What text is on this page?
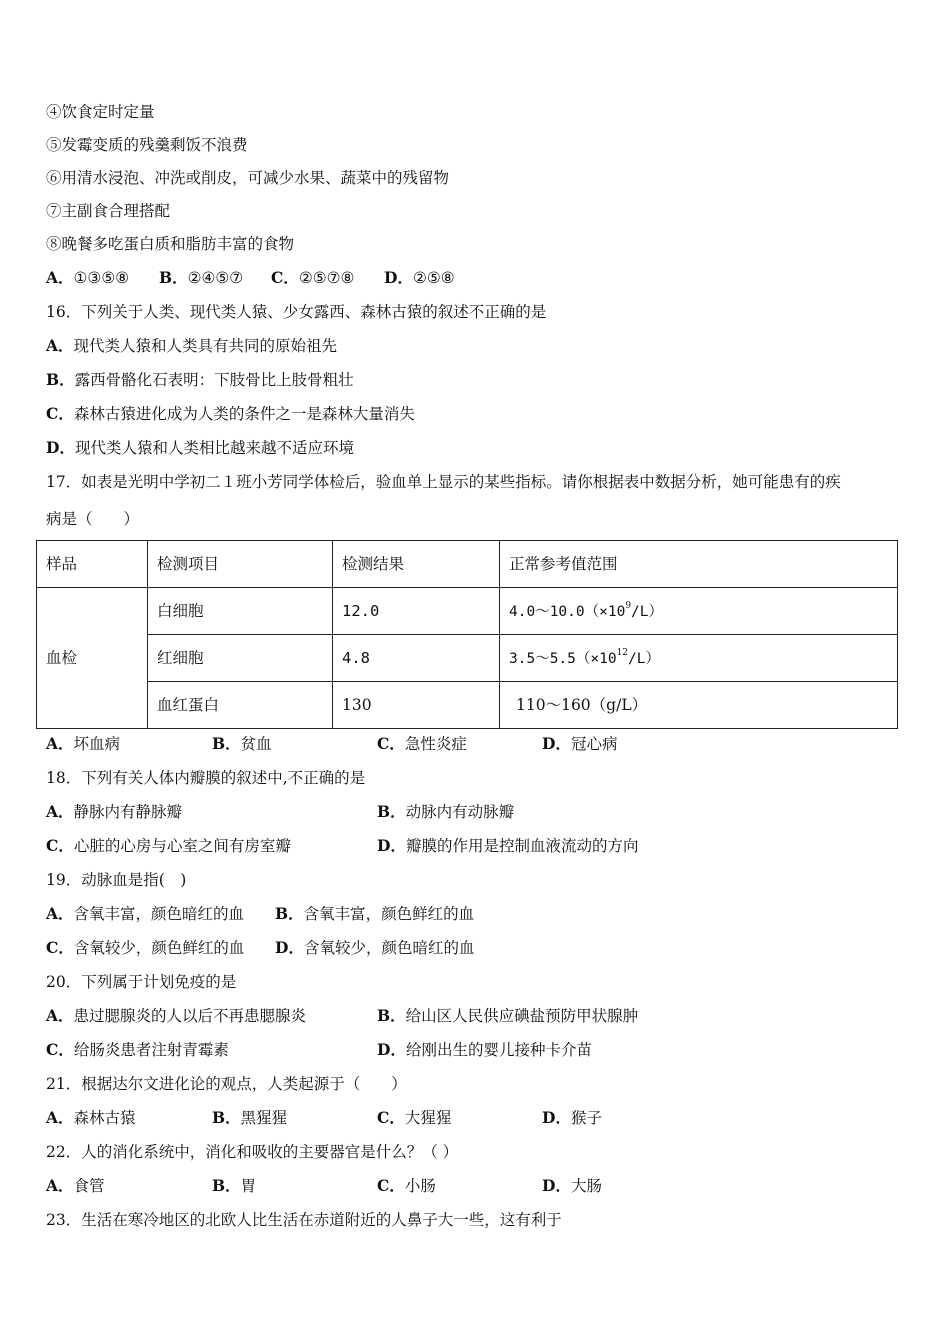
④饮食定时定量
⑤发霉变质的残羹剩饭不浪费
⑥用清水浸泡、冲洗或削皮，可减少水果、蔬菜中的残留物
⑦主副食合理搭配
⑧晚餐多吃蛋白质和脂肪丰富的食物
A．①③⑤⑧ B．②④⑤⑦ C．②⑤⑦⑧ D．②⑤⑧
16．下列关于人类、现代类人猿、少女露西、森林古猿的叙述不正确的是
A．现代类人猿和人类具有共同的原始祖先
B．露西骨骼化石表明：下肢骨比上肢骨粗壮
C．森林古猿进化成为人类的条件之一是森林大量消失
D．现代类人猿和人类相比越来越不适应环境
17．如表是光明中学初二１班小芳同学体检后，验血单上显示的某些指标。请你根据表中数据分析，她可能患有的疾
病是（　　）
样品	检测项目	检测结果	正常参考值范围
血检	白细胞	12.0	$4.0\sim 10.0(\times 10^9/L)$
	红细胞	4.8	$3.5\sim 5.5(\times 10^{12}/L)$
	血红蛋白	130	110～160（g/L）
A．坏血病	B．贫血	C．急性炎症	D．冠心病
18．下列有关人体内瓣膜的叙述中,不正确的是
A．静脉内有静脉瓣	B．动脉内有动脉瓣
C．心脏的心房与心室之间有房室瓣	D．瓣膜的作用是控制血液流动的方向
19．动脉血是指(　)
A．含氧丰富，颜色暗红的血 B．含氧丰富，颜色鲜红的血
C．含氧较少，颜色鲜红的血 D．含氧较少，颜色暗红的血
20．下列属于计划免疫的是
A．患过腮腺炎的人以后不再患腮腺炎	B．给山区人民供应碘盐预防甲状腺肿
C．给肠炎患者注射青霉素	D．给刚出生的婴儿接种卡介苗
21．根据达尔文进化论的观点，人类起源于（　　）
A．森林古猿	B．黑猩猩	C．大猩猩	D．猴子
22．人的消化系统中，消化和吸收的主要器官是什么？（ ）
A．食管	B．胃	C．小肠	D．大肠
23．生活在寒冷地区的北欧人比生活在赤道附近的人鼻子大一些，这有利于
